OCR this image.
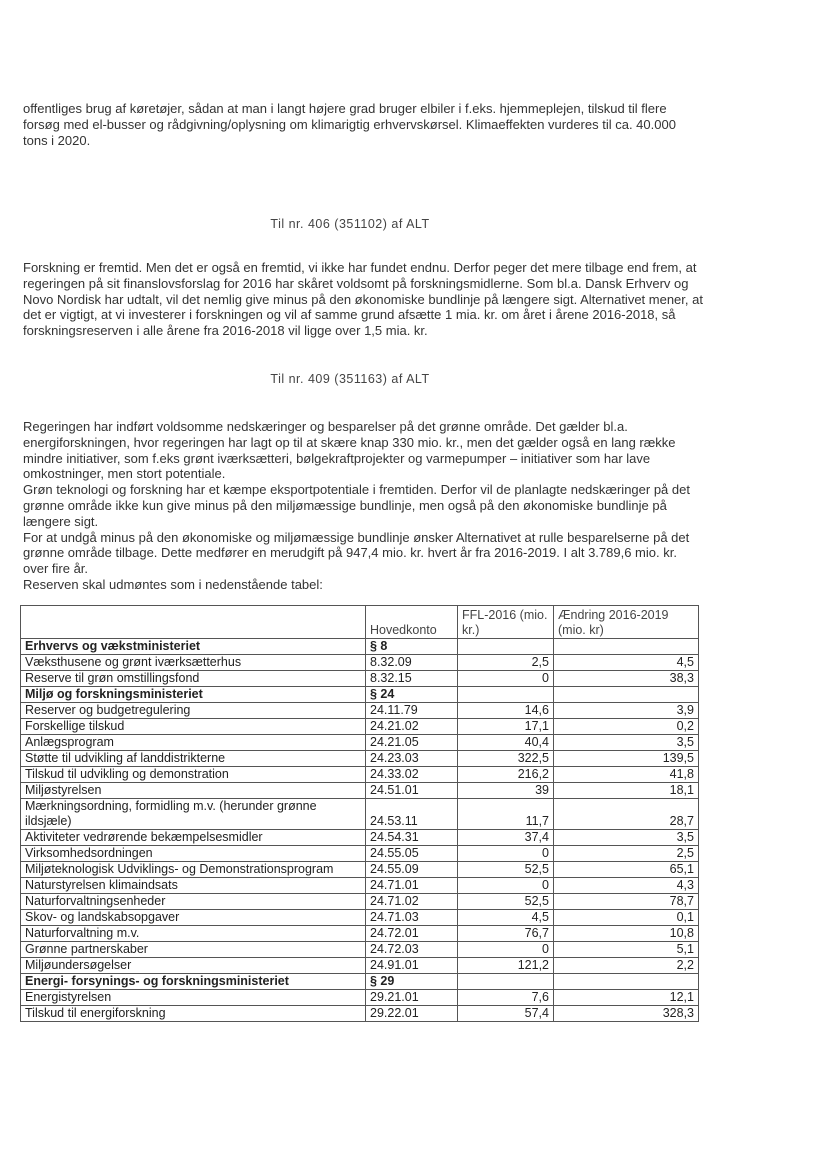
offentliges brug af køretøjer, sådan at man i langt højere grad bruger elbiler i f.eks. hjemmeplejen, tilskud til flere forsøg med el-busser og rådgivning/oplysning om klimarigtig erhvervskørsel. Klimaeffekten vurderes til ca. 40.000 tons i 2020.

Til nr. 406 (351102) af ALT

Forskning er fremtid. Men det er også en fremtid, vi ikke har fundet endnu. Derfor peger det mere tilbage end frem, at regeringen på sit finanslovsforslag for 2016 har skåret voldsomt på forskningsmidlerne. Som bl.a. Dansk Erhverv og Novo Nordisk har udtalt, vil det nemlig give minus på den økonomiske bundlinje på længere sigt. Alternativet mener, at det er vigtigt, at vi investerer i forskningen og vil af samme grund afsætte 1 mia. kr. om året i årene 2016-2018, så forskningsreserven i alle årene fra 2016-2018 vil ligge over 1,5 mia. kr.

Til nr. 409 (351163) af ALT

Regeringen har indført voldsomme nedskæringer og besparelser på det grønne område. Det gælder bl.a. energiforskningen, hvor regeringen har lagt op til at skære knap 330 mio. kr., men det gælder også en lang række mindre initiativer, som f.eks grønt iværksætteri, bølgekraftprojekter og varmepumper – initiativer som har lave omkostninger, men stort potentiale.

Grøn teknologi og forskning har et kæmpe eksportpotentiale i fremtiden. Derfor vil de planlagte nedskæringer på det grønne område ikke kun give minus på den miljømæssige bundlinje, men også på den økonomiske bundlinje på længere sigt.

For at undgå minus på den økonomiske og miljømæssige bundlinje ønsker Alternativet at rulle besparelserne på det grønne område tilbage. Dette medfører en merudgift på 947,4 mio. kr. hvert år fra 2016-2019. I alt 3.789,6 mio. kr. over fire år.

Reserven skal udmøntes som i nedenstående tabel:

	Hovedkonto	FFL-2016 (mio. kr.)	Ændring 2016-2019 (mio. kr)
Erhvervs og vækstministeriet	§ 8		
Væksthusene og grønt iværksætterhus	8.32.09	2,5	4,5
Reserve til grøn omstillingsfond	8.32.15	0	38,3
Miljø og forskningsministeriet	§ 24		
Reserver og budgetregulering	24.11.79	14,6	3,9
Forskellige tilskud	24.21.02	17,1	0,2
Anlægsprogram	24.21.05	40,4	3,5
Støtte til udvikling af landdistrikterne	24.23.03	322,5	139,5
Tilskud til udvikling og demonstration	24.33.02	216,2	41,8
Miljøstyrelsen	24.51.01	39	18,1
Mærkningsordning, formidling m.v. (herunder grønne ildsjæle)	24.53.11	11,7	28,7
Aktiviteter vedrørende bekæmpelsesmidler	24.54.31	37,4	3,5
Virksomhedsordningen	24.55.05	0	2,5
Miljøteknologisk Udviklings- og Demonstrationsprogram	24.55.09	52,5	65,1
Naturstyrelsen klimaindsats	24.71.01	0	4,3
Naturforvaltningsenheder	24.71.02	52,5	78,7
Skov- og landskabsopgaver	24.71.03	4,5	0,1
Naturforvaltning m.v.	24.72.01	76,7	10,8
Grønne partnerskaber	24.72.03	0	5,1
Miljøundersøgelser	24.91.01	121,2	2,2
Energi- forsynings- og forskningsministeriet	§ 29		
Energistyrelsen	29.21.01	7,6	12,1
Tilskud til energiforskning	29.22.01	57,4	328,3
